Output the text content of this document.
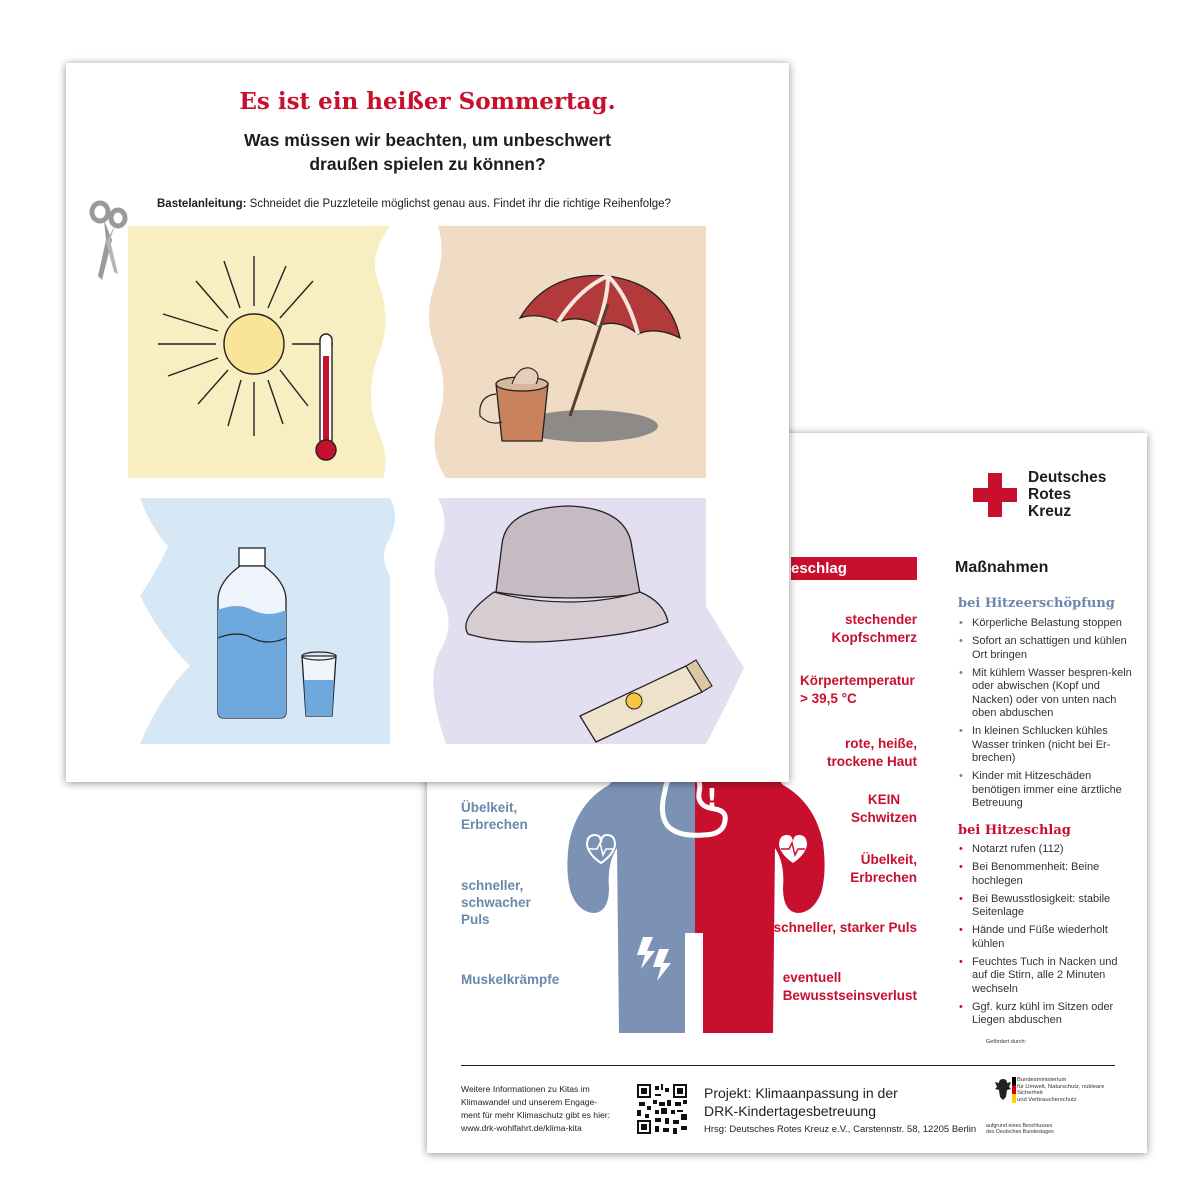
Deutsches
Rotes
Kreuz
eschlag	Maßnahmen
bei Hitzeerschöpfung
• Körperliche Belastung stoppen
• Sofort an schattigen und kühlen Ort bringen
• Mit kühlem Wasser bespren-keln oder abwischen (Kopf und Nacken) oder von unten nach oben abduschen
• In kleinen Schlucken kühles Wasser trinken (nicht bei Er-brechen)
• Kinder mit Hitzeschäden benötigen immer eine ärztliche Betreuung
bei Hitzeschlag
• Notarzt rufen (112)
• Bei Benommenheit: Beine hochlegen
• Bei Bewusstlosigkeit: stabile Seitenlage
• Hände und Füße wiederholt kühlen
• Feuchtes Tuch in Nacken und auf die Stirn, alle 2 Minuten wechseln
• Ggf. kurz kühl im Sitzen oder Liegen abduschen
!
stechender
Kopfschmerz
Körpertemperatur
> 39,5 °C
rote, heiße,
trockene Haut
KEIN
Schwitzen
Übelkeit,
Erbrechen
schneller, starker Puls
eventuell
Bewusstseinsverlust
Übelkeit,
Erbrechen
schneller,
schwacher
Puls
Muskelkrämpfe
Weitere Informationen zu Kitas im
Klimawandel und unserem Engage-
ment für mehr Klimaschutz gibt es hier:
www.drk-wohlfahrt.de/klima-kita
Projekt: Klimaanpassung in der
DRK-Kindertagesbetreuung
Hrsg: Deutsches Rotes Kreuz e.V., Carstennstr. 58, 12205 Berlin
Gefördert durch:
Bundesministerium
für Umwelt, Naturschutz, nukleare Sicherheit
und Verbraucherschutz
aufgrund eines Beschlusses
des Deutschen Bundestages
Es ist ein heißer Sommertag.
Was müssen wir beachten, um unbeschwert
draußen spielen zu können?
Bastelanleitung: Schneidet die Puzzleteile möglichst genau aus. Findet ihr die richtige Reihenfolge?
